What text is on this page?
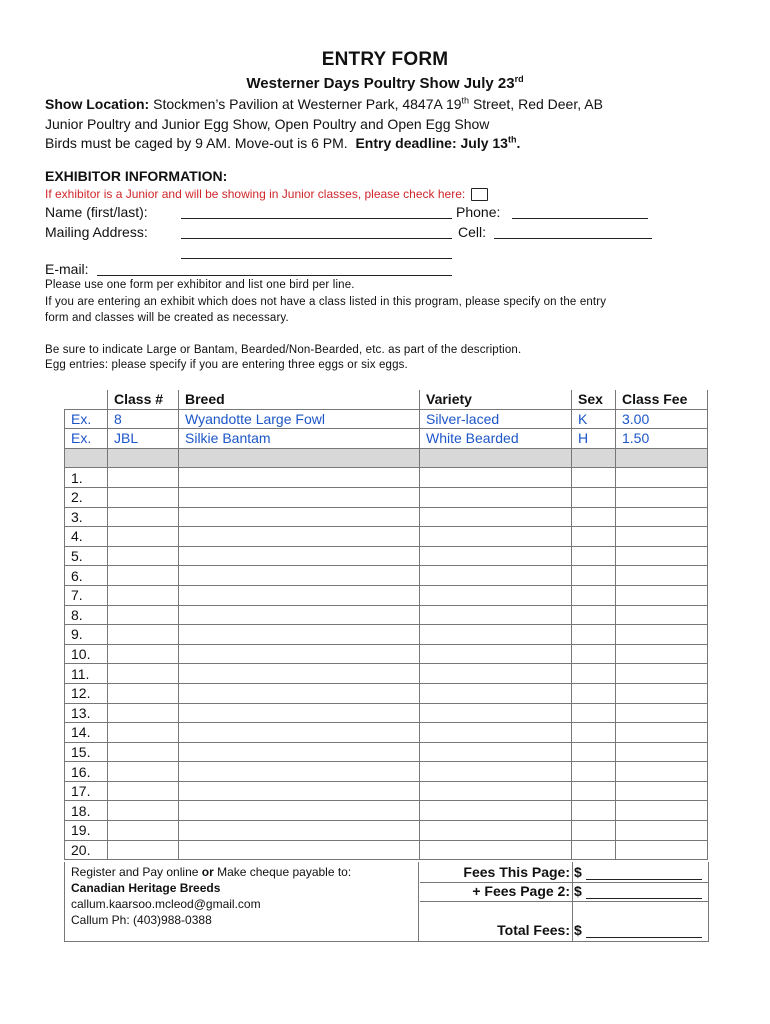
ENTRY FORM
Westerner Days Poultry Show July 23rd
Show Location: Stockmen’s Pavilion at Westerner Park, 4847A 19th Street, Red Deer, AB
Junior Poultry and Junior Egg Show, Open Poultry and Open Egg Show
Birds must be caged by 9 AM. Move-out is 6 PM. Entry deadline: July 13th.
EXHIBITOR INFORMATION:
If exhibitor is a Junior and will be showing in Junior classes, please check here:
Name (first/last):	Phone:
Mailing Address:	Cell:
E-mail:
Please use one form per exhibitor and list one bird per line.
If you are entering an exhibit which does not have a class listed in this program, please specify on the entry
form and classes will be created as necessary.
Be sure to indicate Large or Bantam, Bearded/Non-Bearded, etc. as part of the description.
Egg entries: please specify if you are entering three eggs or six eggs.
	Class #	Breed	Variety	Sex	Class Fee
Ex.	8	Wyandotte Large Fowl	Silver-laced	K	3.00
Ex.	JBL	Silkie Bantam	White Bearded	H	1.50

1.					
2.					
3.					
4.					
5.					
6.					
7.					
8.					
9.					
10.					
11.					
12.					
13.					
14.					
15.					
16.					
17.					
18.					
19.					
20.					
Register and Pay online or Make cheque payable to:
Canadian Heritage Breeds
callum.kaarsoo.mcleod@gmail.com
Callum Ph: (403)988-0388
Fees This Page: $
+ Fees Page 2: $
Total Fees: $
